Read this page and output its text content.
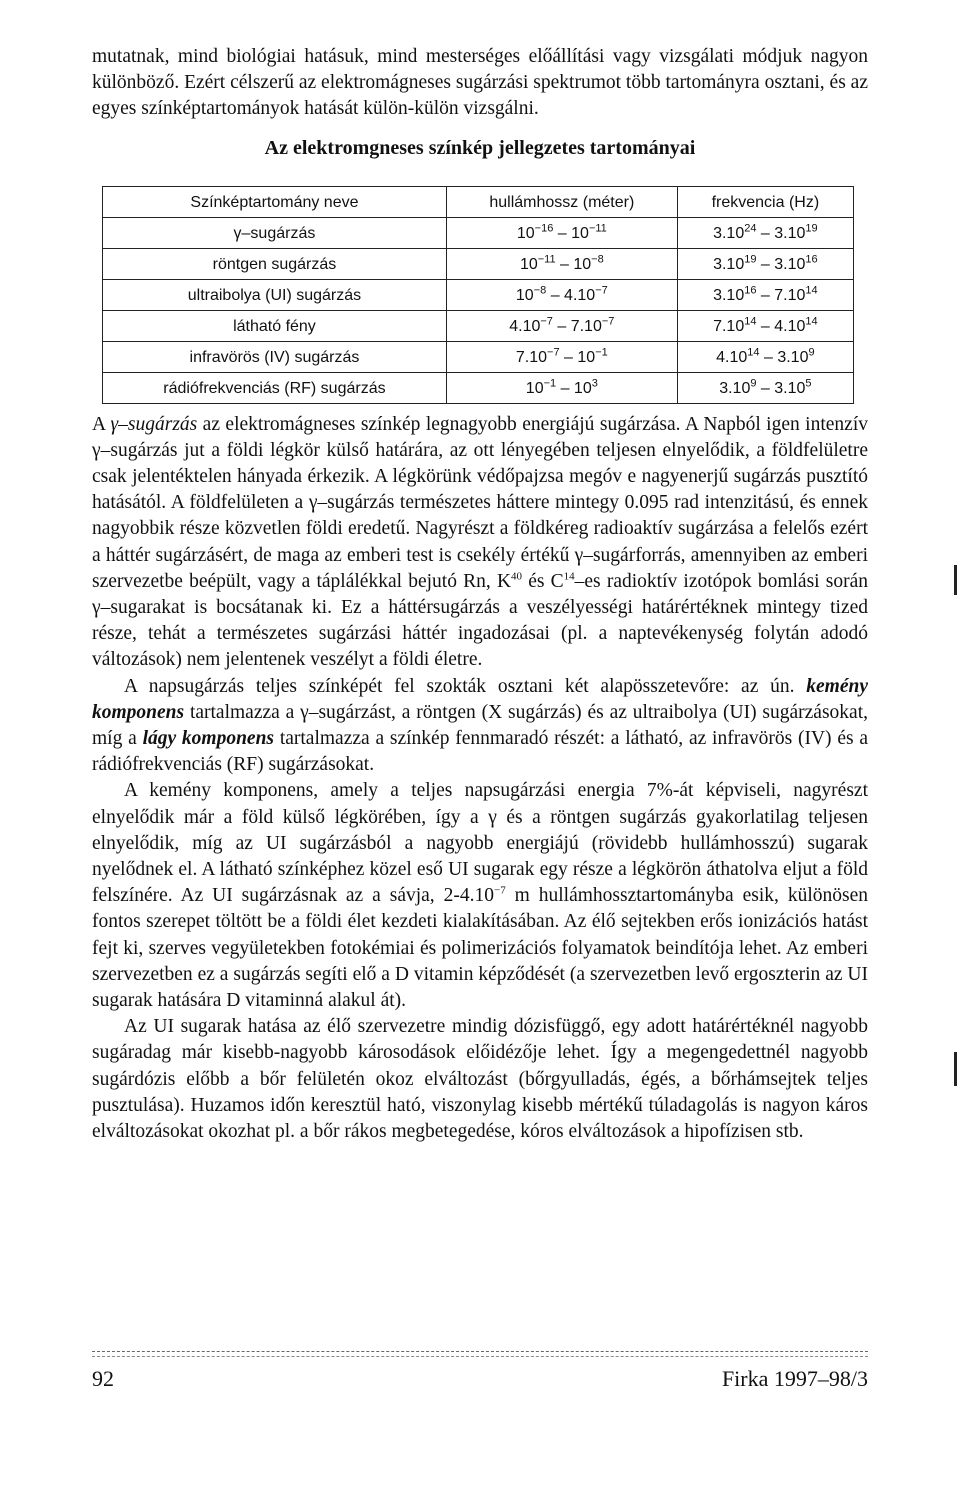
mutatnak, mind biológiai hatásuk, mind mesterséges előállítási vagy vizsgálati módjuk nagyon különböző. Ezért célszerű az elektromágneses sugárzási spektrumot több tartományra osztani, és az egyes színképtartományok hatását külön-külön vizsgálni.

Az elektromgneses színkép jellegzetes tartományai
Színképtartomány neve	hullámhossz (méter)	frekvencia (Hz)
γ–sugárzás	$10^{-16} - 10^{-11}$	3.10$^{24}$ – 3.10$^{19}$
röntgen sugárzás	$10^{-11} - 10^{-8}$	3.10$^{19}$ – 3.10$^{16}$
ultraibolya (UI) sugárzás	$10^{-8} - 4.10^{-7}$	3.10$^{16}$ – 7.10$^{14}$
látható fény	$4.10^{-7} - 7.10^{-7}$	7.10$^{14}$ – 4.10$^{14}$
infravörös (IV) sugárzás	$7.10^{-7} - 10^{-1}$	4.10$^{14}$ – 3.10$^9$
rádiófrekvenciás (RF) sugárzás	$10^{-1} - 10^3$	3.10$^9$ – 3.10$^5$

A γ–sugárzás az elektromágneses színkép legnagyobb energiájú sugárzása. A Napból igen intenzív γ–sugárzás jut a földi légkör külső határára, az ott lényegében teljesen elnyelődik, a földfelületre csak jelentéktelen hányada érkezik. A légkörünk védőpajzsa megóv e nagyenerjű sugárzás pusztító hatásától. A földfelületen a γ–sugárzás természetes háttere mintegy 0.095 rad intenzitású, és ennek nagyobbik része közvetlen földi eredetű. Nagyrészt a földkéreg radioaktív sugárzása a felelős ezért a háttér sugárzásért, de maga az emberi test is csekély értékű γ–sugárforrás, amennyiben az emberi szervezetbe beépült, vagy a táplálékkal bejutó Rn, $K^{40}$ és $C^{14}-es$ radioktív izotópok bomlási során γ–sugarakat is bocsátanak ki. Ez a háttérsugárzás a veszélyességi határértéknek mintegy tized része, tehát a természetes sugárzási háttér ingadozásai (pl. a naptevékenység folytán adodó változások) nem jelentenek veszélyt a földi életre.

A napsugárzás teljes színképét fel szokták osztani két alapösszetevőre: az ún. kemény komponens tartalmazza a γ–sugárzást, a röntgen (X sugárzás) és az ultraibolya (UI) sugárzásokat, míg a lágy komponens tartalmazza a színkép fennmaradó részét: a látható, az infravörös (IV) és a rádiófrekvenciás (RF) sugárzásokat.

A kemény komponens, amely a teljes napsugárzási energia 7%-át képviseli, nagyrészt elnyelődik már a föld külső légkörében, így a γ és a röntgen sugárzás gyakorlatilag teljesen elnyelődik, míg az UI sugárzásból a nagyobb energiájú (rövidebb hullámhosszú) sugarak nyelődnek el. A látható színképhez közel eső UI sugarak egy része a légkörön áthatolva eljut a föld felszínére. Az UI sugárzásnak az a sávja, $2-4.10^{-7}$ m hullámhossztartományba esik, különösen fontos szerepet töltött be a földi élet kezdeti kialakításában. Az élő sejtekben erős ionizációs hatást fejt ki, szerves vegyületekben fotokémiai és polimerizációs folyamatok beindítója lehet. Az emberi szervezetben ez a sugárzás segíti elő a D vitamin képződését (a szervezetben levő ergoszterin az UI sugarak hatására D vitaminná alakul át).

Az UI sugarak hatása az élő szervezetre mindig dózisfüggő, egy adott határértéknél nagyobb sugáradag már kisebb-nagyobb károsodások előidézője lehet. Így a megengedettnél nagyobb sugárdózis előbb a bőr felületén okoz elváltozást (bőrgyulladás, égés, a bőrhámsejtek teljes pusztulása). Huzamos időn keresztül ható, viszonylag kisebb mértékű túladagolás is nagyon káros elváltozásokat okozhat pl. a bőr rákos megbetegedése, kóros elváltozások a hipofízisen stb.

92	Firka 1997–98/3
